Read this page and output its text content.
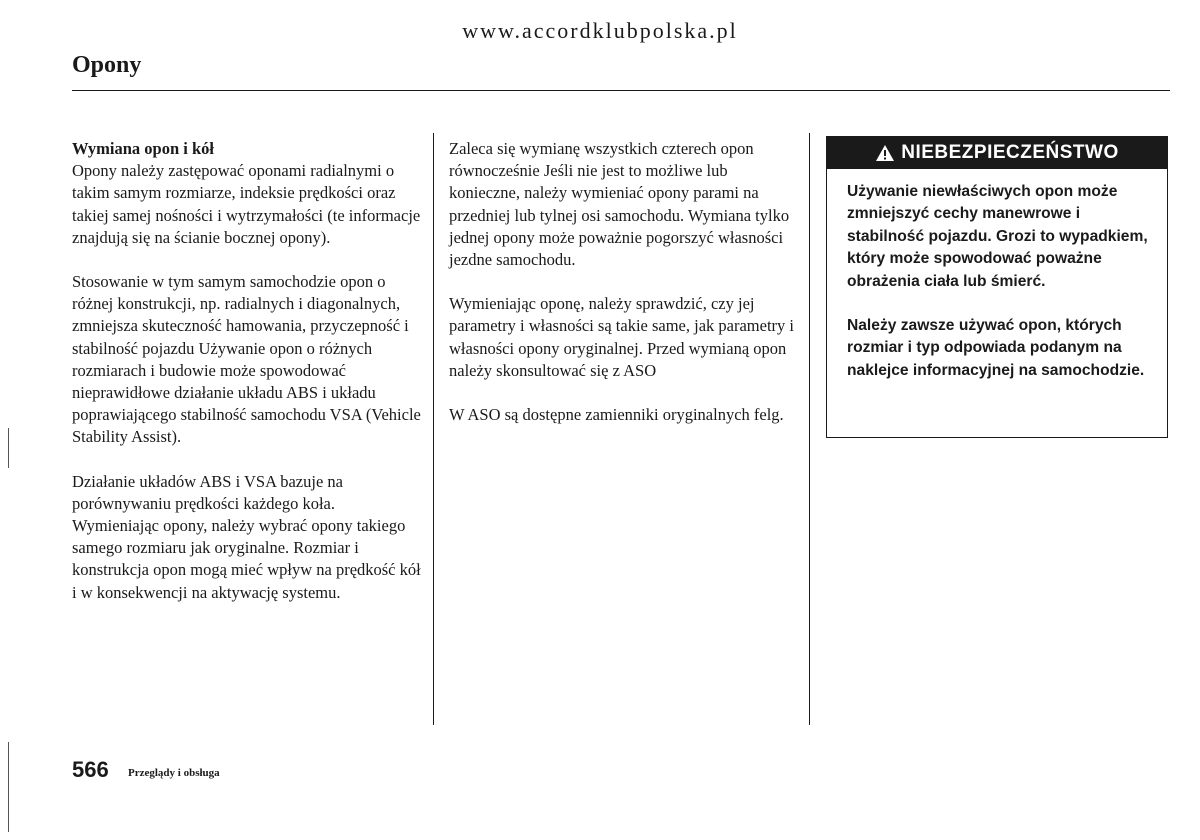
www.accordklubpolska.pl
Opony

Wymiana opon i kół
Opony należy zastępować oponami radialnymi o takim samym rozmiarze, indeksie prędkości oraz takiej samej nośności i wytrzymałości (te informacje znajdują się na ścianie bocznej opony).

Stosowanie w tym samym samochodzie opon o różnej konstrukcji, np. radialnych i diagonalnych, zmniejsza skuteczność hamowania, przyczepność i stabilność pojazdu Używanie opon o różnych rozmiarach i budowie może spowodować nieprawidłowe działanie układu ABS i układu poprawiającego stabilność samochodu VSA (Vehicle Stability Assist).

Działanie układów ABS i VSA bazuje na porównywaniu prędkości każdego koła. Wymieniając opony, należy wybrać opony takiego samego rozmiaru jak oryginalne. Rozmiar i konstrukcja opon mogą mieć wpływ na prędkość kół i w konsekwencji na aktywację systemu.

Zaleca się wymianę wszystkich czterech opon równocześnie Jeśli nie jest to możliwe lub konieczne, należy wymieniać opony parami na przedniej lub tylnej osi samochodu. Wymiana tylko jednej opony może poważnie pogorszyć własności jezdne samochodu.

Wymieniając oponę, należy sprawdzić, czy jej parametry i własności są takie same, jak parametry i własności opony oryginalnej. Przed wymianą opon należy skonsultować się z ASO

W ASO są dostępne zamienniki oryginalnych felg.

NIEBEZPIECZEŃSTWO

Używanie niewłaściwych opon może zmniejszyć cechy manewrowe i stabilność pojazdu. Grozi to wypadkiem, który może spowodować poważne obrażenia ciała lub śmierć.

Należy zawsze używać opon, których rozmiar i typ odpowiada podanym na naklejce informacyjnej na samochodzie.

566 Przeglądy i obsługa
